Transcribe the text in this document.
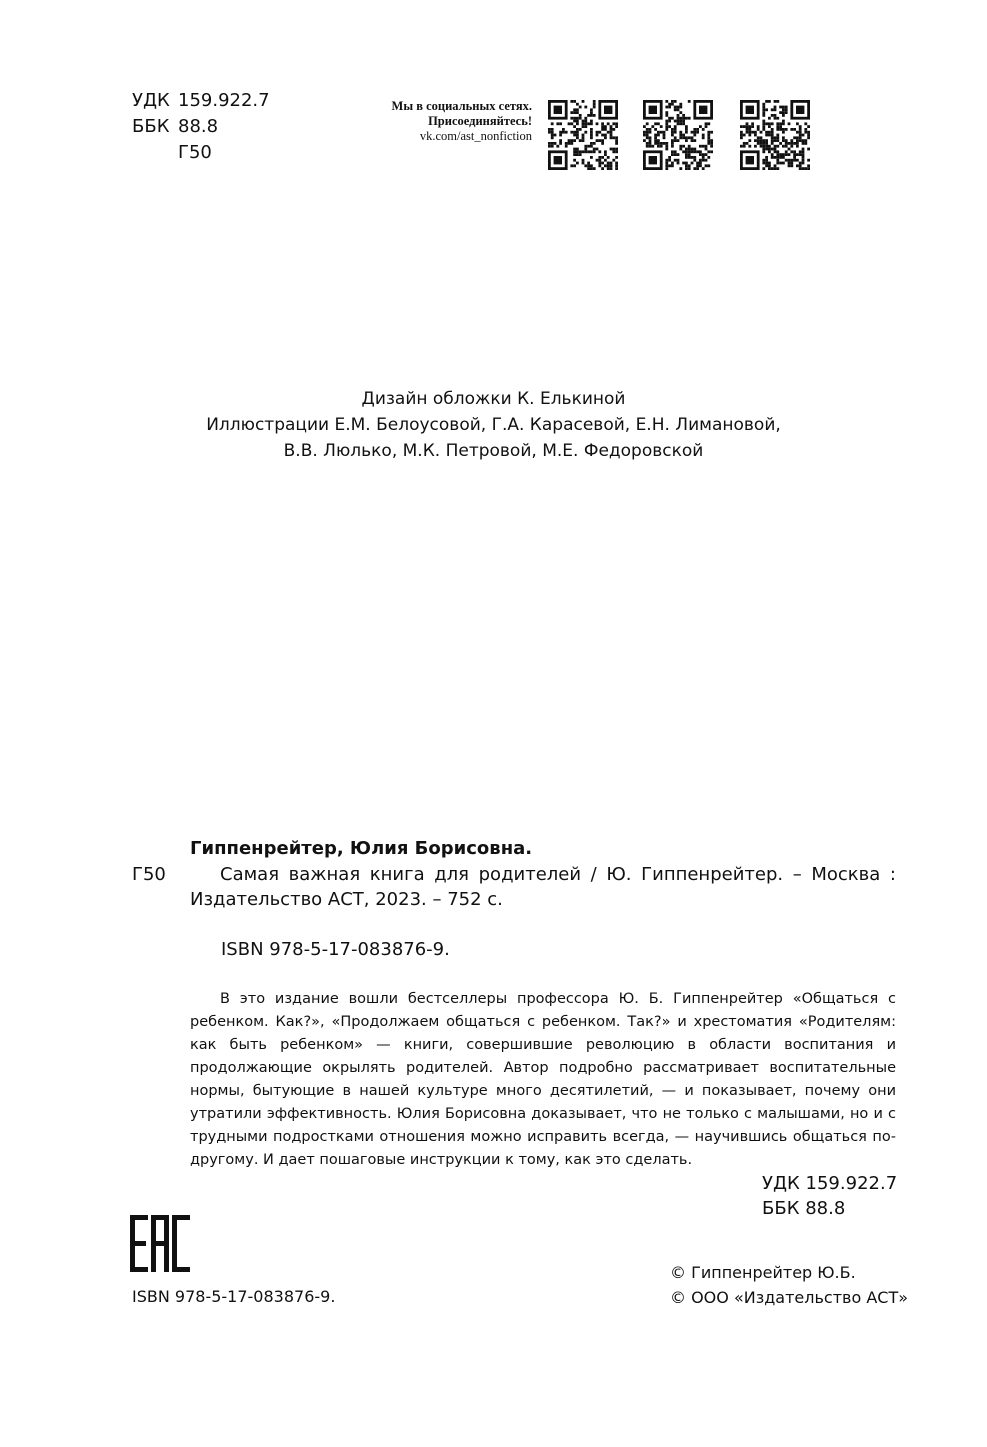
УДК 159.922.7
ББК 88.8
Г50
Мы в социальных сетях.
Присоединяйтесь!
vk.com/ast_nonfiction
Дизайн обложки К. Елькиной
Иллюстрации Е.М. Белоусовой, Г.А. Карасевой, Е.Н. Лимановой,
В.В. Люлько, М.К. Петровой, М.Е. Федоровской
Гиппенрейтер, Юлия Борисовна.
Г50	Самая важная книга для родителей / Ю. Гиппенрейтер. – Москва :
Издательство АСТ, 2023. – 752 с.
ISBN 978-5-17-083876-9.

В это издание вошли бестселлеры профессора Ю. Б. Гиппенрейтер «Общаться с ребенком. Как?», «Продолжаем общаться с ребенком. Так?» и хрестоматия «Родителям: как быть ребенком» — книги, совершившие революцию в области воспитания и продолжающие окрылять родителей. Автор подробно рассматривает воспитательные нормы, бытующие в нашей культуре много десятилетий, — и показывает, почему они утратили эффективность. Юлия Борисовна доказывает, что не только с малышами, но и с трудными подростками отношения можно исправить всегда, — научившись общаться по-другому. И дает пошаговые инструкции к тому, как это сделать.

УДК 159.922.7
ББК 88.8
ISBN 978-5-17-083876-9.
© Гиппенрейтер Ю.Б.
© ООО «Издательство АСТ»
